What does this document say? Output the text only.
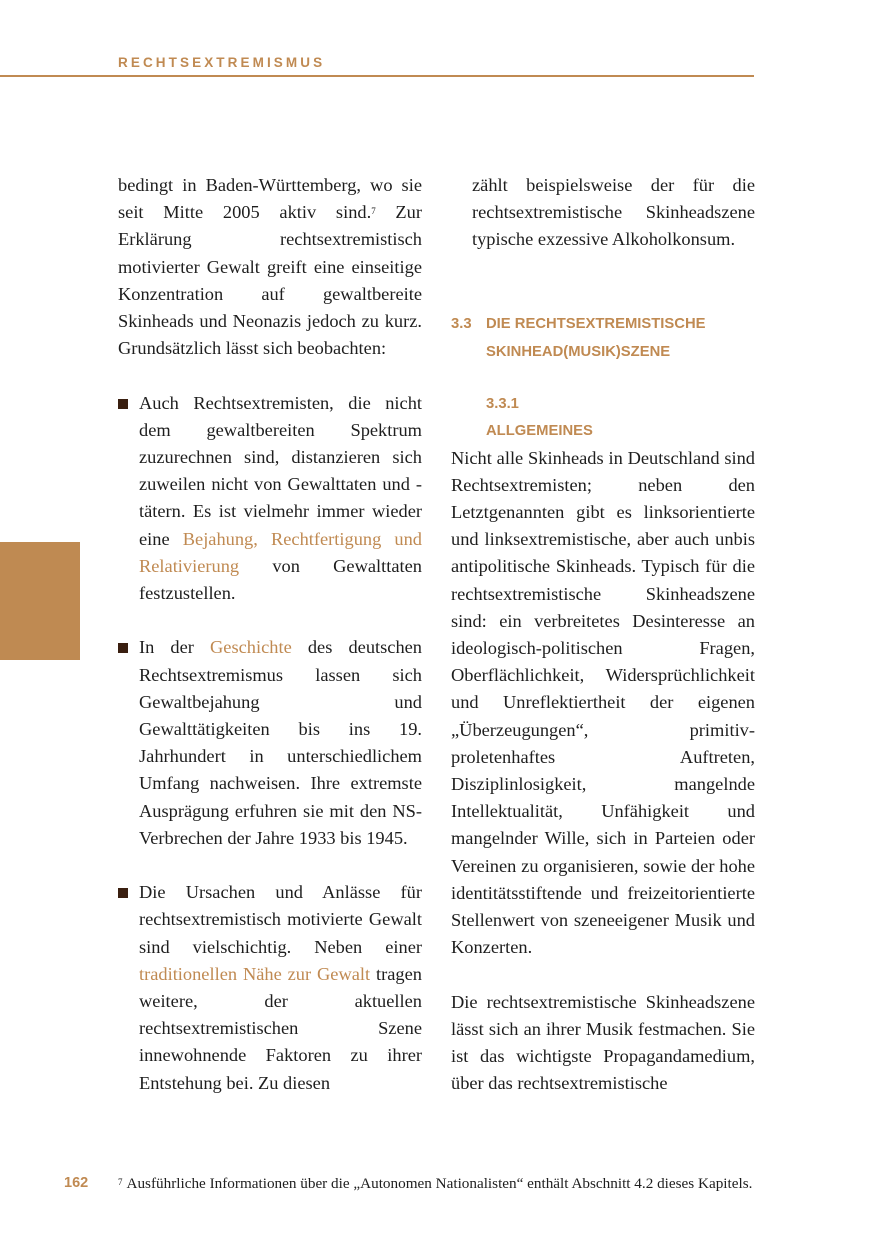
RECHTSEXTREMISMUS

bedingt in Baden-Württemberg, wo sie seit Mitte 2005 aktiv sind.$^7$ Zur Erklärung rechtsextremistisch motivierter Gewalt greift eine einseitige Konzentration auf gewaltbereite Skinheads und Neonazis jedoch zu kurz. Grundsätzlich lässt sich beobachten:

Auch Rechtsextremisten, die nicht dem gewaltbereiten Spektrum zuzurechnen sind, distanzieren sich zuweilen nicht von Gewalttaten und -tätern. Es ist vielmehr immer wieder eine Bejahung, Rechtfertigung und Relativierung von Gewalttaten festzustellen.
In der Geschichte des deutschen Rechtsextremismus lassen sich Gewaltbejahung und Gewalttätigkeiten bis ins 19. Jahrhundert in unterschiedlichem Umfang nachweisen. Ihre extremste Ausprägung erfuhren sie mit den NS-Verbrechen der Jahre 1933 bis 1945.
Die Ursachen und Anlässe für rechtsextremistisch motivierte Gewalt sind vielschichtig. Neben einer traditionellen Nähe zur Gewalt tragen weitere, der aktuellen rechtsextremistischen Szene innewohnende Faktoren zu ihrer Entstehung bei. Zu diesen

zählt beispielsweise der für die rechtsextremistische Skinheadszene typische exzessive Alkoholkonsum.

3.3 DIE RECHTSEXTREMISTISCHE
SKINHEAD(MUSIK)SZENE
3.3.1
ALLGEMEINES

Nicht alle Skinheads in Deutschland sind Rechtsextremisten; neben den Letztgenannten gibt es linksorientierte und linksextremistische, aber auch unbis antipolitische Skinheads. Typisch für die rechtsextremistische Skinheadszene sind: ein verbreitetes Desinteresse an ideologisch-politischen Fragen, Oberflächlichkeit, Widersprüchlichkeit und Unreflektiertheit der eigenen „Überzeugungen“, primitiv-proletenhaftes Auftreten, Disziplinlosigkeit, mangelnde Intellektualität, Unfähigkeit und mangelnder Wille, sich in Parteien oder Vereinen zu organisieren, sowie der hohe identitätsstiftende und freizeitorientierte Stellenwert von szeneeigener Musik und Konzerten.

Die rechtsextremistische Skinheadszene lässt sich an ihrer Musik festmachen. Sie ist das wichtigste Propagandamedium, über das rechtsextremistische

162	$^7$ Ausführliche Informationen über die „Autonomen Nationalisten“ enthält Abschnitt 4.2 dieses Kapitels.
